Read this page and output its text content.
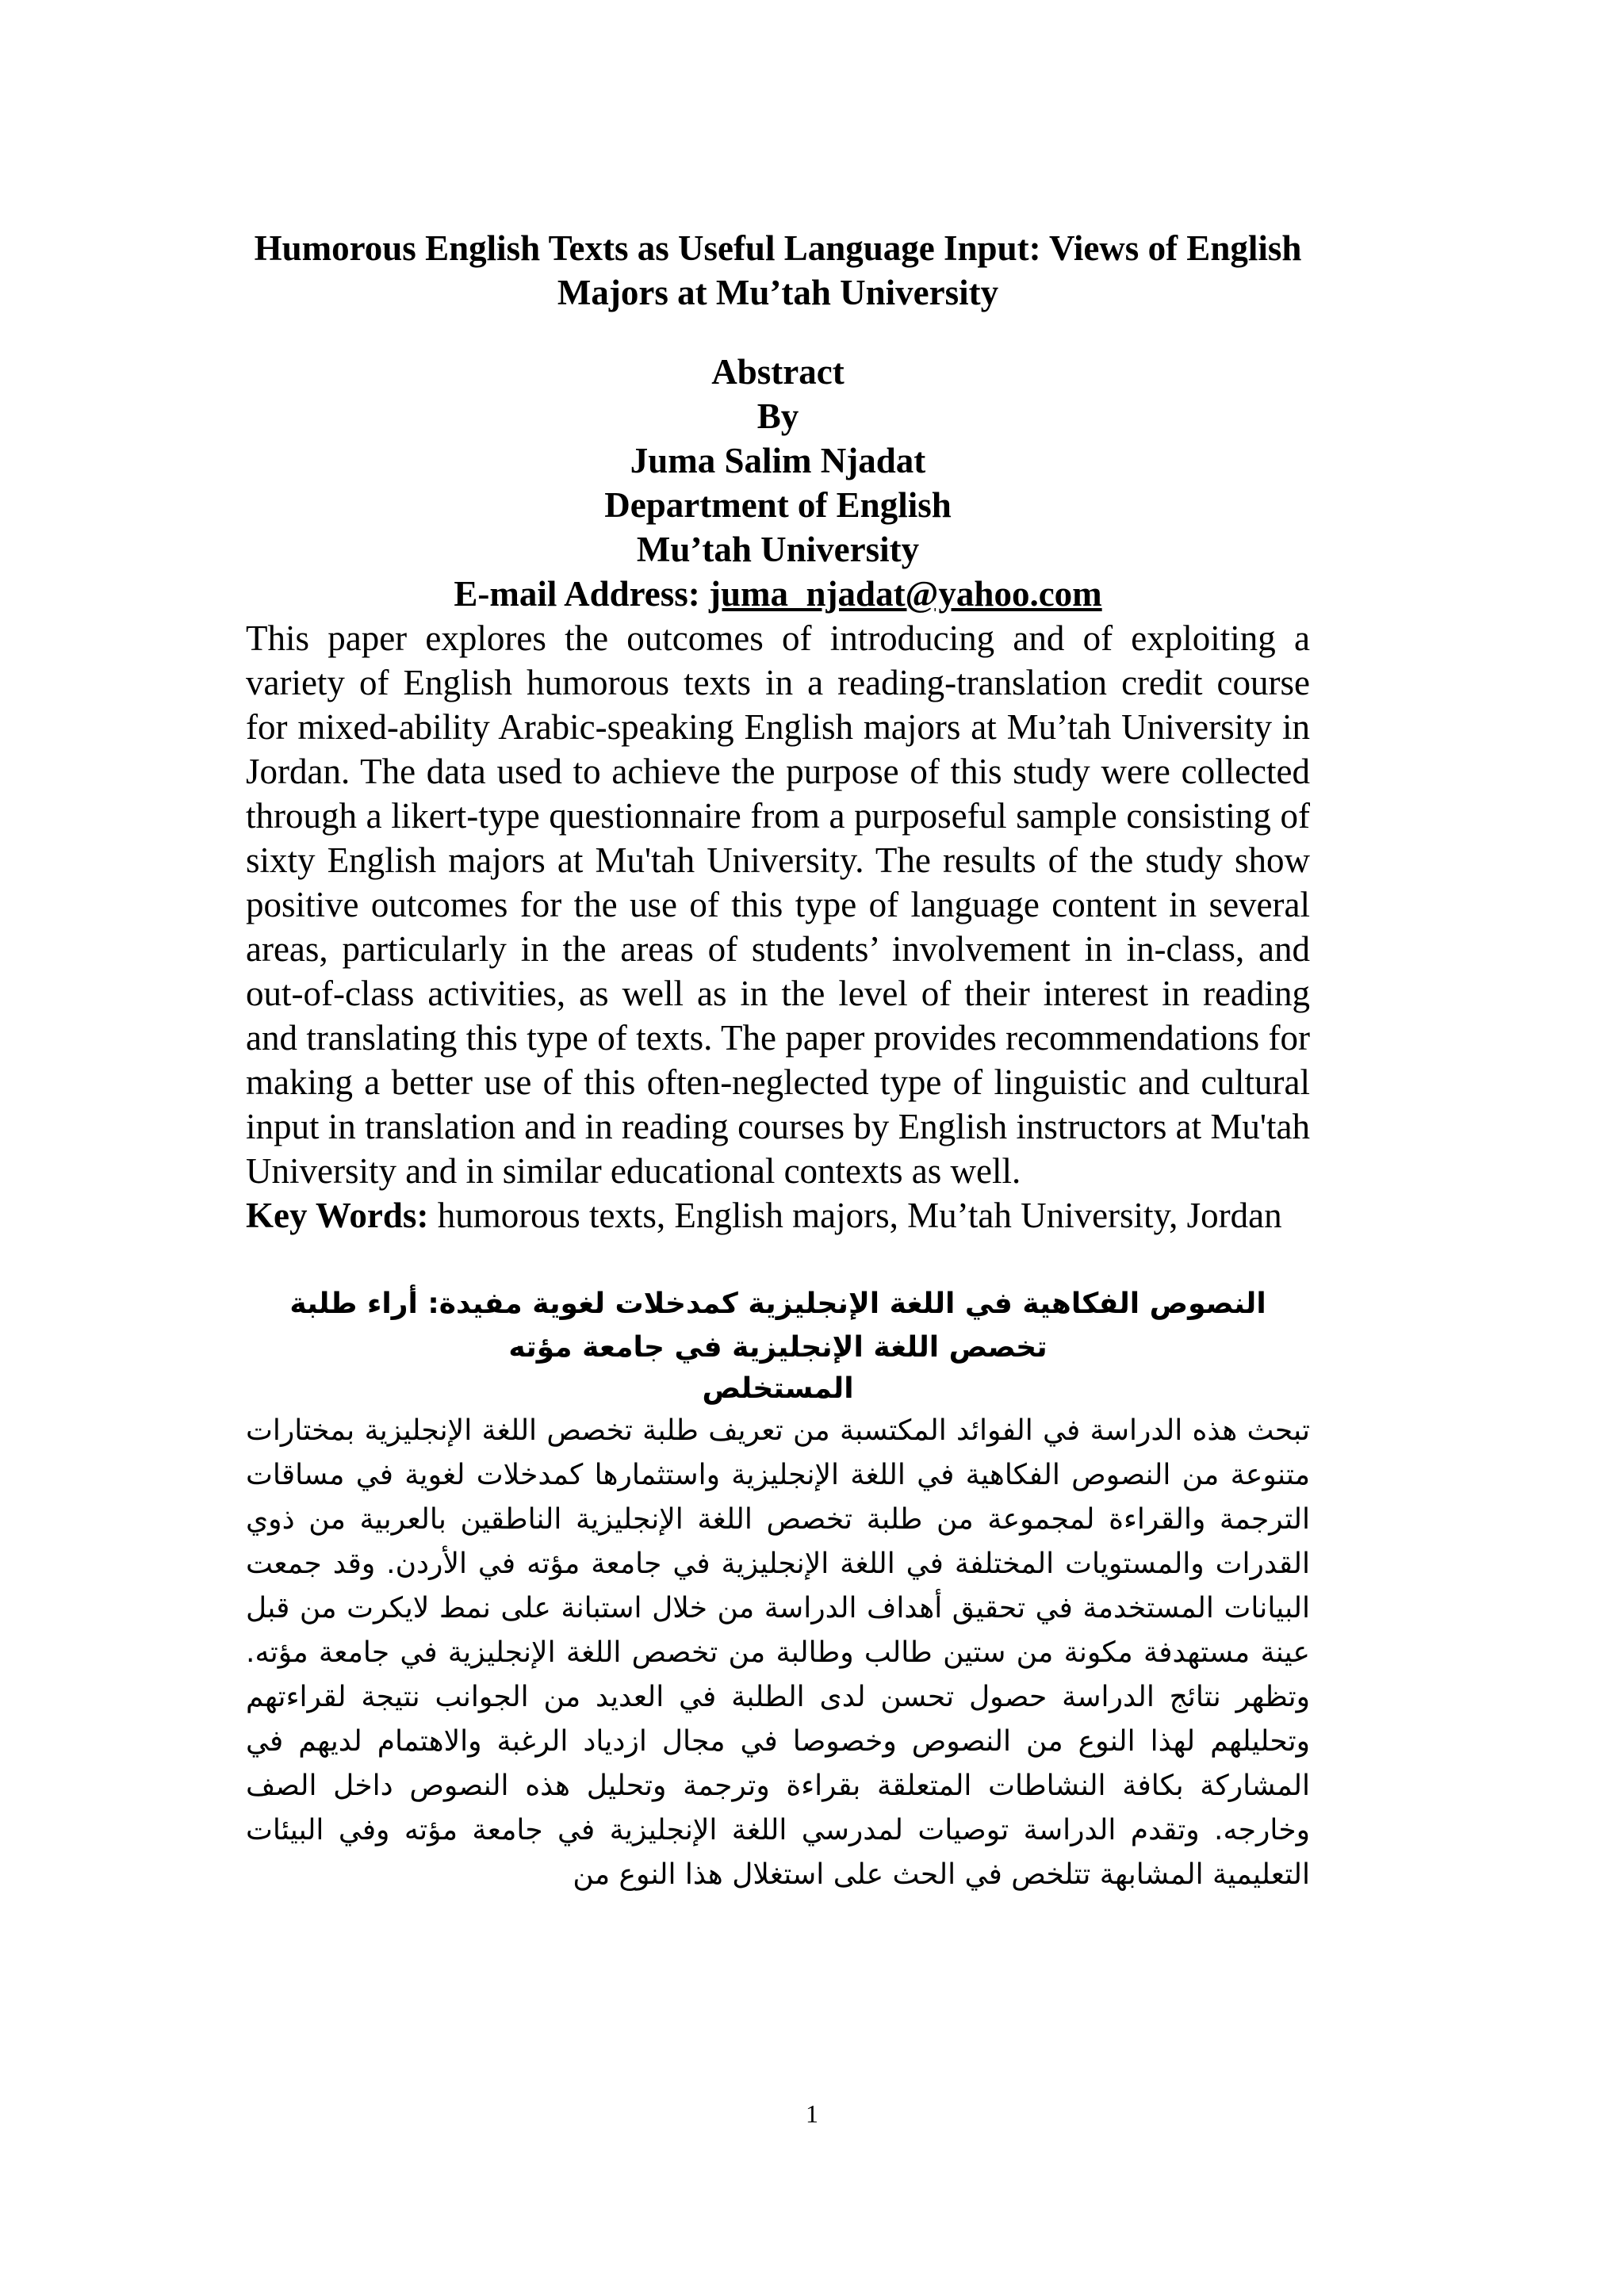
Humorous English Texts as Useful Language Input: Views of English Majors at Mu’tah University
Abstract
By
Juma Salim Njadat
Department of English
Mu’tah University
E-mail Address: juma_njadat@yahoo.com

This paper explores the outcomes of introducing and of exploiting a variety of English humorous texts in a reading-translation credit course for mixed-ability Arabic-speaking English majors at Mu’tah University in Jordan. The data used to achieve the purpose of this study were collected through a likert-type questionnaire from a purposeful sample consisting of sixty English majors at Mu'tah University. The results of the study show positive outcomes for the use of this type of language content in several areas, particularly in the areas of students’ involvement in in-class, and out-of-class activities, as well as in the level of their interest in reading and translating this type of texts. The paper provides recommendations for making a better use of this often-neglected type of linguistic and cultural input in translation and in reading courses by English instructors at Mu'tah University and in similar educational contexts as well.

Key Words: humorous texts, English majors, Mu’tah University, Jordan

النصوص الفكاهية في اللغة الإنجليزية كمدخلات لغوية مفيدة: أراء طلبة تخصص اللغة الإنجليزية في جامعة مؤته

المستخلص

تبحث هذه الدراسة في الفوائد المكتسبة من تعريف طلبة تخصص اللغة الإنجليزية بمختارات متنوعة من النصوص الفكاهية في اللغة الإنجليزية واستثمارها كمدخلات لغوية في مساقات الترجمة والقراءة لمجموعة من طلبة تخصص اللغة الإنجليزية الناطقين بالعربية من ذوي القدرات والمستويات المختلفة في اللغة الإنجليزية في جامعة مؤته في الأردن. وقد جمعت البيانات المستخدمة في تحقيق أهداف الدراسة من خلال استبانة على نمط لايكرت من قبل عينة مستهدفة مكونة من ستين طالب وطالبة من تخصص اللغة الإنجليزية في جامعة مؤته. وتظهر نتائج الدراسة حصول تحسن لدى الطلبة في العديد من الجوانب نتيجة لقراءتهم وتحليلهم لهذا النوع من النصوص وخصوصا في مجال ازدياد الرغبة والاهتمام لديهم في المشاركة بكافة النشاطات المتعلقة بقراءة وترجمة وتحليل هذه النصوص داخل الصف وخارجه. وتقدم الدراسة توصيات لمدرسي اللغة الإنجليزية في جامعة مؤته وفي البيئات التعليمية المشابهة تتلخص في الحث على استغلال هذا النوع من

1
